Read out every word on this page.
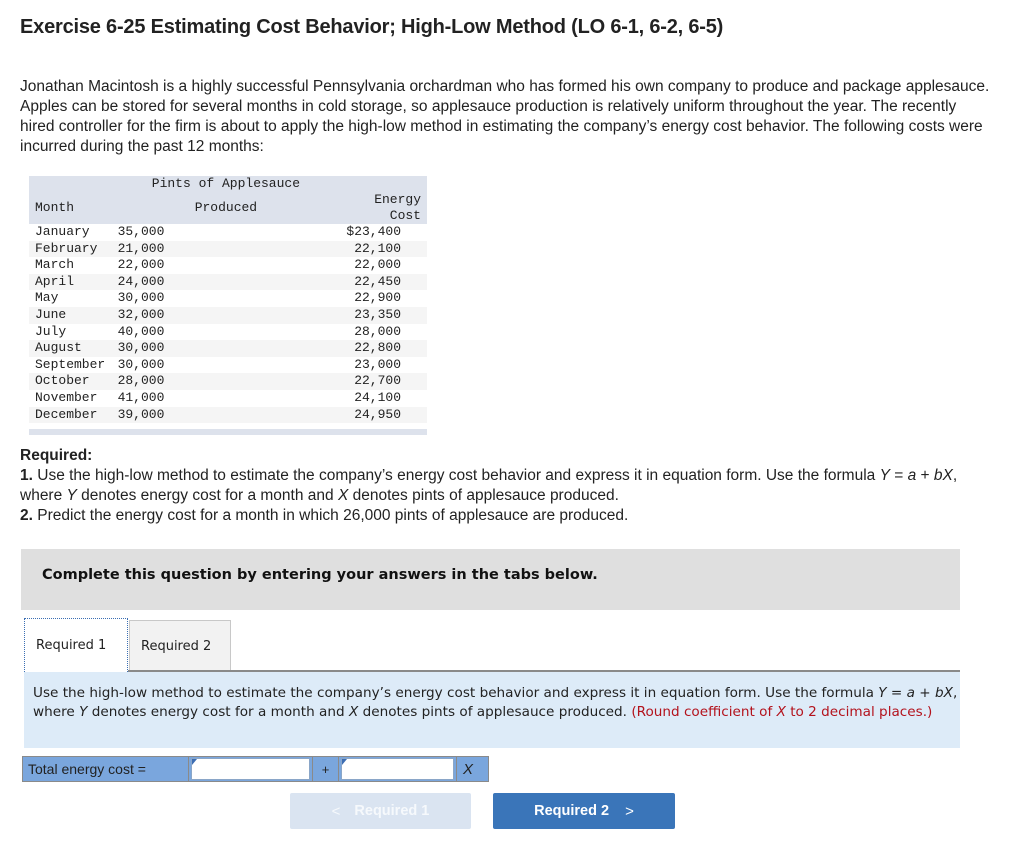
Exercise 6-25 Estimating Cost Behavior; High-Low Method (LO 6-1, 6-2, 6-5)
Jonathan Macintosh is a highly successful Pennsylvania orchardman who has formed his own company to produce and package applesauce. Apples can be stored for several months in cold storage, so applesauce production is relatively uniform throughout the year. The recently hired controller for the firm is about to apply the high-low method in estimating the company’s energy cost behavior. The following costs were incurred during the past 12 months:
	Pints of Applesauce	
Month	Produced	Energy Cost
January	35,000	$23,400
February	21,000	22,100
March	22,000	22,000
April	24,000	22,450
May	30,000	22,900
June	32,000	23,350
July	40,000	28,000
August	30,000	22,800
September	30,000	23,000
October	28,000	22,700
November	41,000	24,100
December	39,000	24,950

Required:
1. Use the high-low method to estimate the company’s energy cost behavior and express it in equation form. Use the formula Y = a + bX, where Y denotes energy cost for a month and X denotes pints of applesauce produced.
2. Predict the energy cost for a month in which 26,000 pints of applesauce are produced.
Complete this question by entering your answers in the tabs below.
Required 1	Required 2
Use the high-low method to estimate the company’s energy cost behavior and express it in equation form. Use the formula Y = a + bX, where Y denotes energy cost for a month and X denotes pints of applesauce produced. (Round coefficient of X to 2 decimal places.)
Total energy cost =	+	X
< Required 1	Required 2 >
